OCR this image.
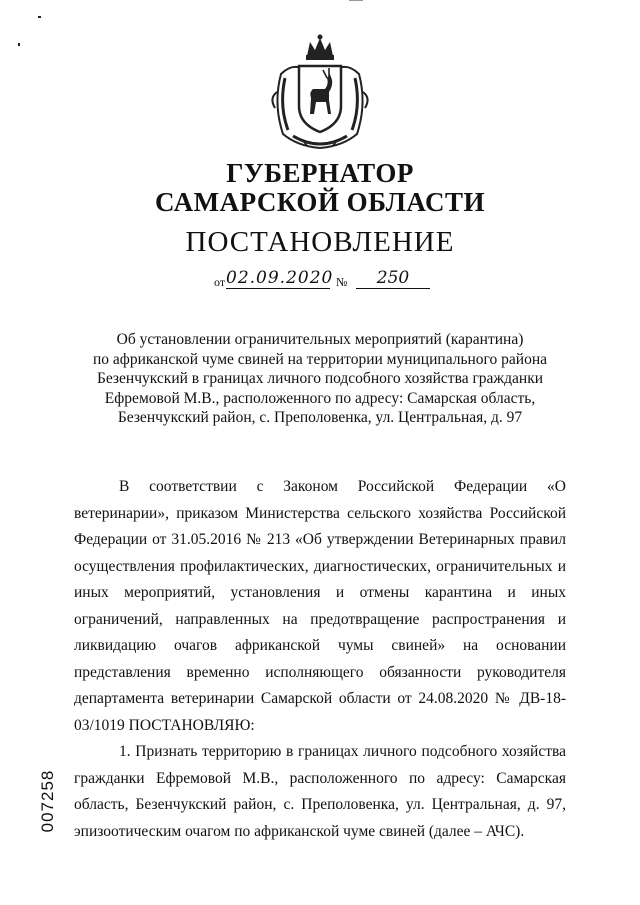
ГУБЕРНАТОР
САМАРСКОЙ ОБЛАСТИ
ПОСТАНОВЛЕНИЕ
от 02.09.2020 №	250
Об установлении ограничительных мероприятий (карантина)
по африканской чуме свиней на территории муниципального района
Безенчукский в границах личного подсобного хозяйства гражданки
Ефремовой М.В., расположенного по адресу: Самарская область,
Безенчукский район, с. Преполовенка, ул. Центральная, д. 97

В соответствии с Законом Российской Федерации «О ветеринарии», приказом Министерства сельского хозяйства Российской Федерации от 31.05.2016 № 213 «Об утверждении Ветеринарных правил осуществления профилактических, диагностических, ограничительных и иных мероприятий, установления и отмены карантина и иных ограничений, направленных на предотвращение распространения и ликвидацию очагов африканской чумы свиней» на основании представления временно исполняющего обязанности руководителя департамента ветеринарии Самарской области от 24.08.2020 № ДВ-18-03/1019 ПОСТАНОВЛЯЮ:

1. Признать территорию в границах личного подсобного хозяйства гражданки Ефремовой М.В., расположенного по адресу: Самарская область, Безенчукский район, с. Преполовенка, ул. Центральная, д. 97, эпизоотическим очагом по африканской чуме свиней (далее – АЧС).

007258
